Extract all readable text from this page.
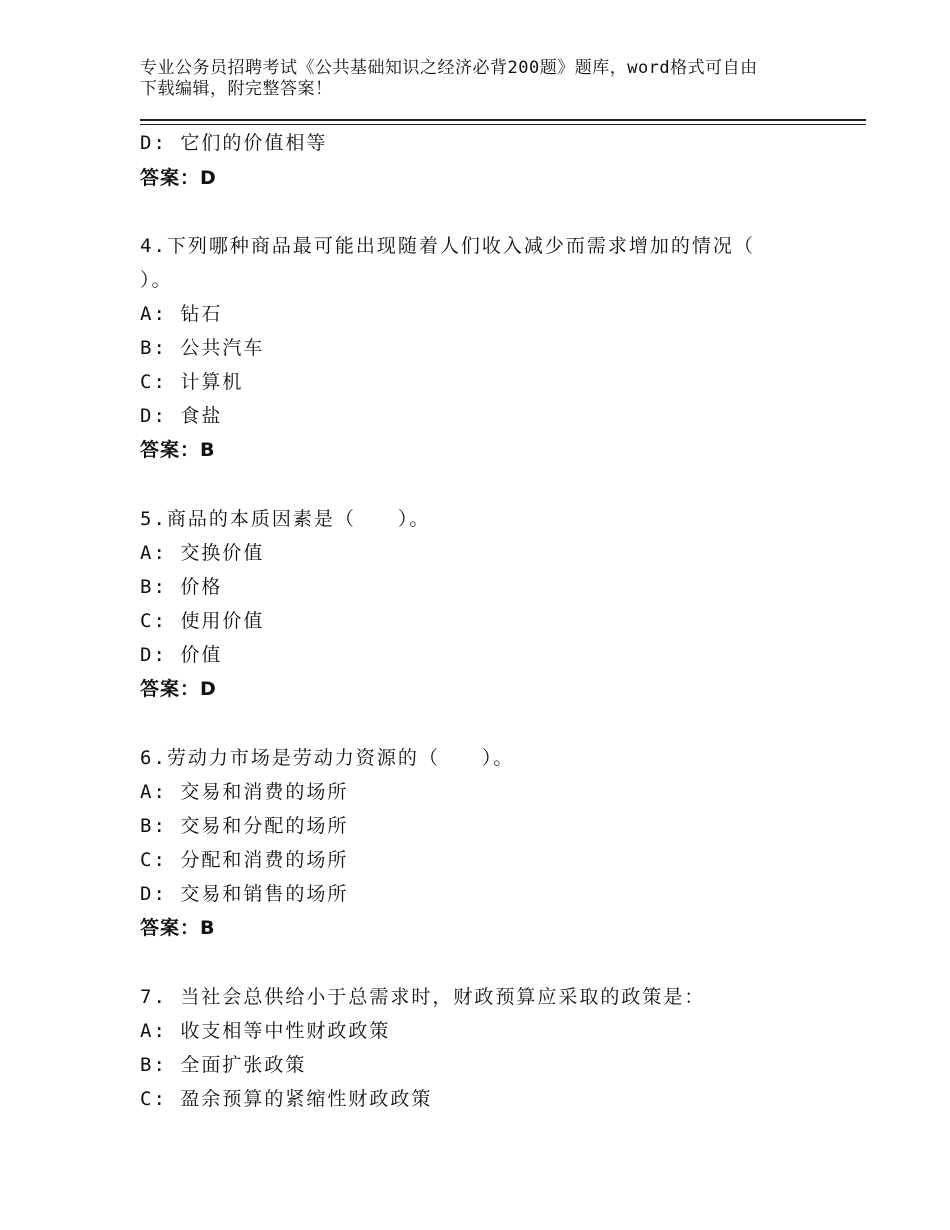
专业公务员招聘考试《公共基础知识之经济必背200题》题库，word格式可自由
下载编辑，附完整答案！
D: 它们的价值相等
答案：D
4.下列哪种商品最可能出现随着人们收入减少而需求增加的情况（
）。
A: 钻石
B: 公共汽车
C: 计算机
D: 食盐
答案：B
5.商品的本质因素是（　　）。
A: 交换价值
B: 价格
C: 使用价值
D: 价值
答案：D
6.劳动力市场是劳动力资源的（　　）。
A: 交易和消费的场所
B: 交易和分配的场所
C: 分配和消费的场所
D: 交易和销售的场所
答案：B
7. 当社会总供给小于总需求时，财政预算应采取的政策是：
A: 收支相等中性财政政策
B: 全面扩张政策
C: 盈余预算的紧缩性财政政策
